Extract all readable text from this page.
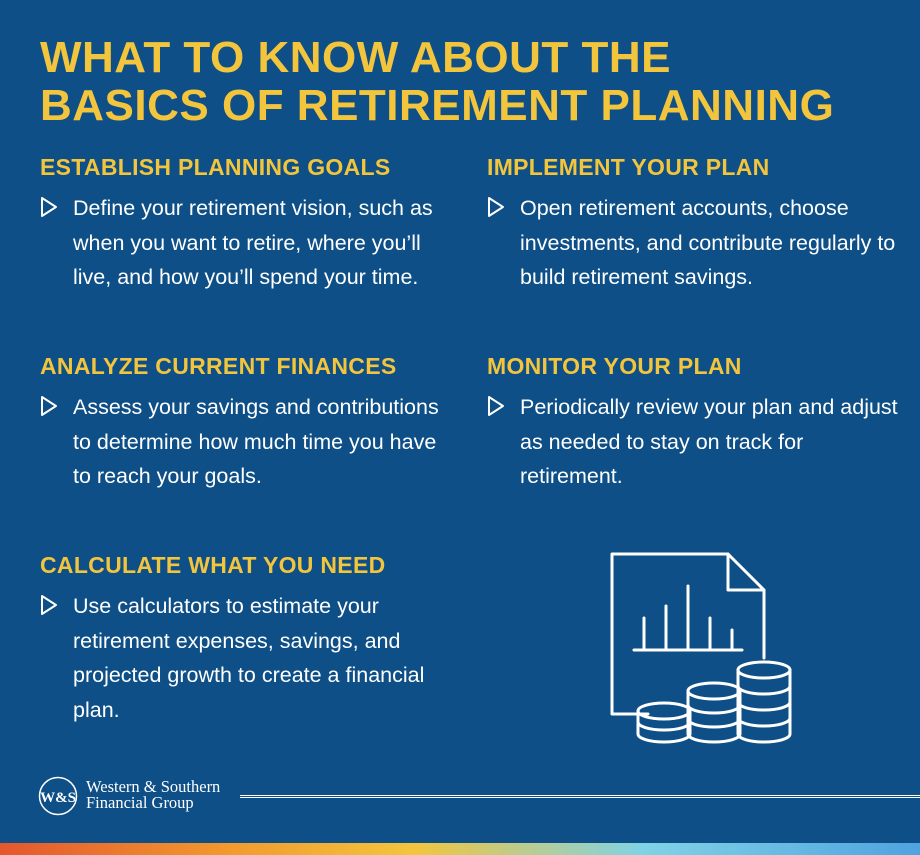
WHAT TO KNOW ABOUT THE
BASICS OF RETIREMENT PLANNING
ESTABLISH PLANNING GOALS

Define your retirement vision, such as when you want to retire, where you’ll live, and how you’ll spend your time.

ANALYZE CURRENT FINANCES

Assess your savings and contributions to determine how much time you have to reach your goals.

CALCULATE WHAT YOU NEED

Use calculators to estimate your retirement expenses, savings, and projected growth to create a financial plan.

IMPLEMENT YOUR PLAN

Open retirement accounts, choose investments, and contribute regularly to build retirement savings.

MONITOR YOUR PLAN

Periodically review your plan and adjust as needed to stay on track for retirement.

W&S
Western & Southern
Financial Group
